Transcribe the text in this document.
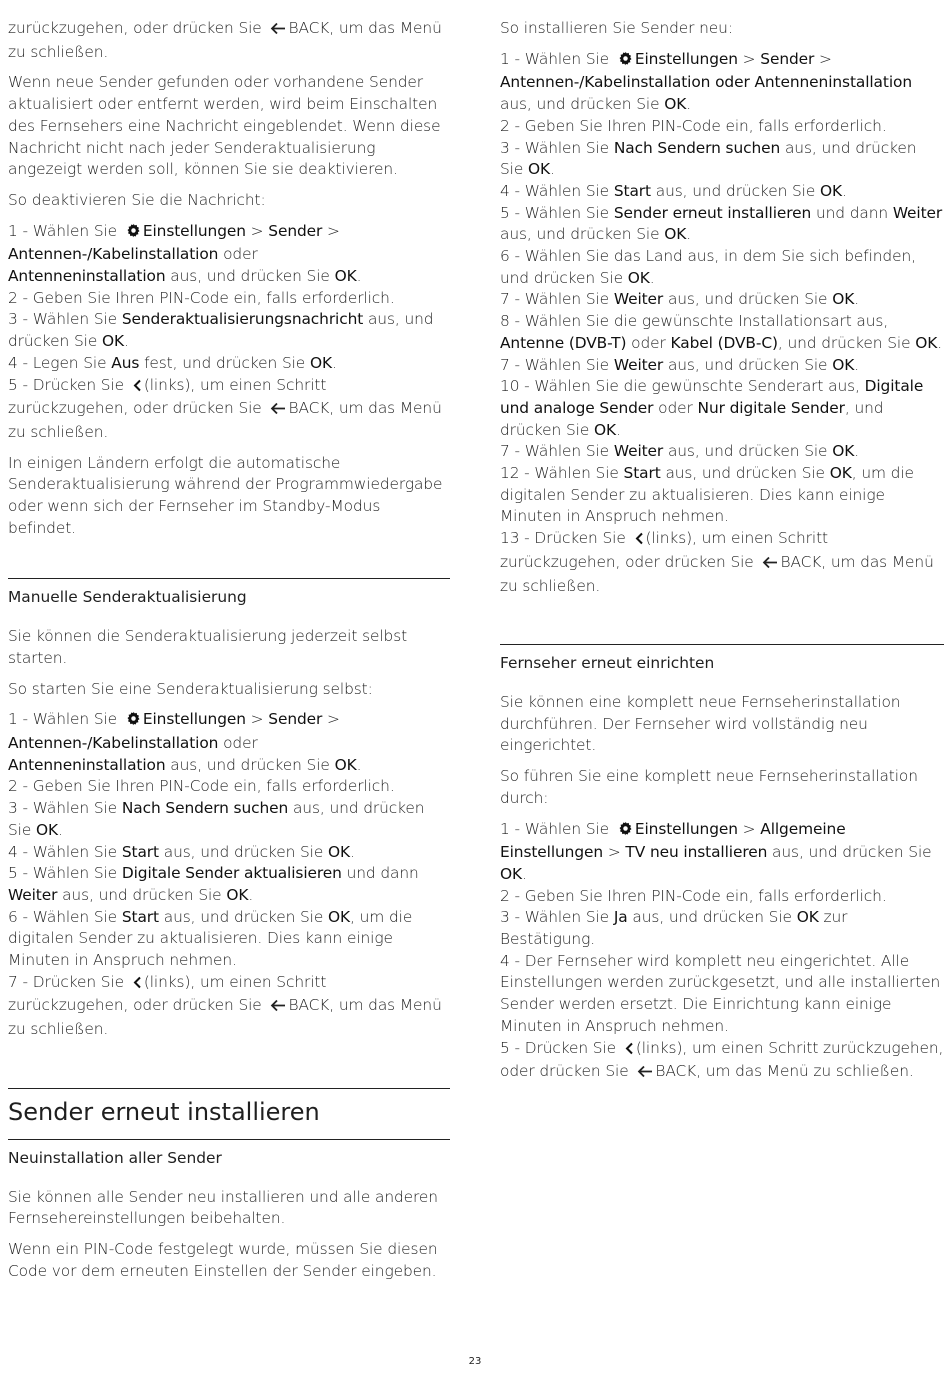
zurückzugehen, oder drücken Sie BACK, um das Menü zu schließen.

Wenn neue Sender gefunden oder vorhandene Sender aktualisiert oder entfernt werden, wird beim Einschalten des Fernsehers eine Nachricht eingeblendet. Wenn diese Nachricht nicht nach jeder Senderaktualisierung angezeigt werden soll, können Sie sie deaktivieren.

So deaktivieren Sie die Nachricht:

1 - Wählen Sie Einstellungen > Sender >
Antennen-/Kabelinstallation oder
Antenneninstallation aus, und drücken Sie OK.

2 - Geben Sie Ihren PIN-Code ein, falls erforderlich.

3 - Wählen Sie Senderaktualisierungsnachricht aus, und drücken Sie OK.

4 - Legen Sie Aus fest, und drücken Sie OK.

5 - Drücken Sie (links), um einen Schritt zurückzugehen, oder drücken Sie BACK, um das Menü zu schließen.

In einigen Ländern erfolgt die automatische Senderaktualisierung während der Programmwiedergabe oder wenn sich der Fernseher im Standby-Modus befindet.

Manuelle Senderaktualisierung

Sie können die Senderaktualisierung jederzeit selbst starten.

So starten Sie eine Senderaktualisierung selbst:

1 - Wählen Sie Einstellungen > Sender >
Antennen-/Kabelinstallation oder
Antenneninstallation aus, und drücken Sie OK.

2 - Geben Sie Ihren PIN-Code ein, falls erforderlich.

3 - Wählen Sie Nach Sendern suchen aus, und drücken Sie OK.

4 - Wählen Sie Start aus, und drücken Sie OK.

5 - Wählen Sie Digitale Sender aktualisieren und dann Weiter aus, und drücken Sie OK.

6 - Wählen Sie Start aus, und drücken Sie OK, um die digitalen Sender zu aktualisieren. Dies kann einige Minuten in Anspruch nehmen.

7 - Drücken Sie (links), um einen Schritt zurückzugehen, oder drücken Sie BACK, um das Menü zu schließen.

Sender erneut installieren
Neuinstallation aller Sender

Sie können alle Sender neu installieren und alle anderen Fernsehereinstellungen beibehalten.

Wenn ein PIN-Code festgelegt wurde, müssen Sie diesen Code vor dem erneuten Einstellen der Sender eingeben.

So installieren Sie Sender neu:

1 - Wählen Sie Einstellungen > Sender > Antennen-/Kabelinstallation oder Antenneninstallation aus, und drücken Sie OK.

2 - Geben Sie Ihren PIN-Code ein, falls erforderlich.

3 - Wählen Sie Nach Sendern suchen aus, und drücken Sie OK.

4 - Wählen Sie Start aus, und drücken Sie OK.

5 - Wählen Sie Sender erneut installieren und dann Weiter aus, und drücken Sie OK.

6 - Wählen Sie das Land aus, in dem Sie sich befinden, und drücken Sie OK.

7 - Wählen Sie Weiter aus, und drücken Sie OK.

8 - Wählen Sie die gewünschte Installationsart aus, Antenne (DVB-T) oder Kabel (DVB-C), und drücken Sie OK.

7 - Wählen Sie Weiter aus, und drücken Sie OK.

10 - Wählen Sie die gewünschte Senderart aus, Digitale und analoge Sender oder Nur digitale Sender, und drücken Sie OK.

7 - Wählen Sie Weiter aus, und drücken Sie OK.

12 - Wählen Sie Start aus, und drücken Sie OK, um die digitalen Sender zu aktualisieren. Dies kann einige Minuten in Anspruch nehmen.

13 - Drücken Sie (links), um einen Schritt zurückzugehen, oder drücken Sie BACK, um das Menü zu schließen.

Fernseher erneut einrichten

Sie können eine komplett neue Fernseherinstallation durchführen. Der Fernseher wird vollständig neu eingerichtet.

So führen Sie eine komplett neue Fernseherinstallation durch:

1 - Wählen Sie Einstellungen > Allgemeine Einstellungen > TV neu installieren aus, und drücken Sie OK.

2 - Geben Sie Ihren PIN-Code ein, falls erforderlich.

3 - Wählen Sie Ja aus, und drücken Sie OK zur Bestätigung.

4 - Der Fernseher wird komplett neu eingerichtet. Alle Einstellungen werden zurückgesetzt, und alle installierten Sender werden ersetzt. Die Einrichtung kann einige Minuten in Anspruch nehmen.

5 - Drücken Sie (links), um einen Schritt zurückzugehen, oder drücken Sie BACK, um das Menü zu schließen.

23
